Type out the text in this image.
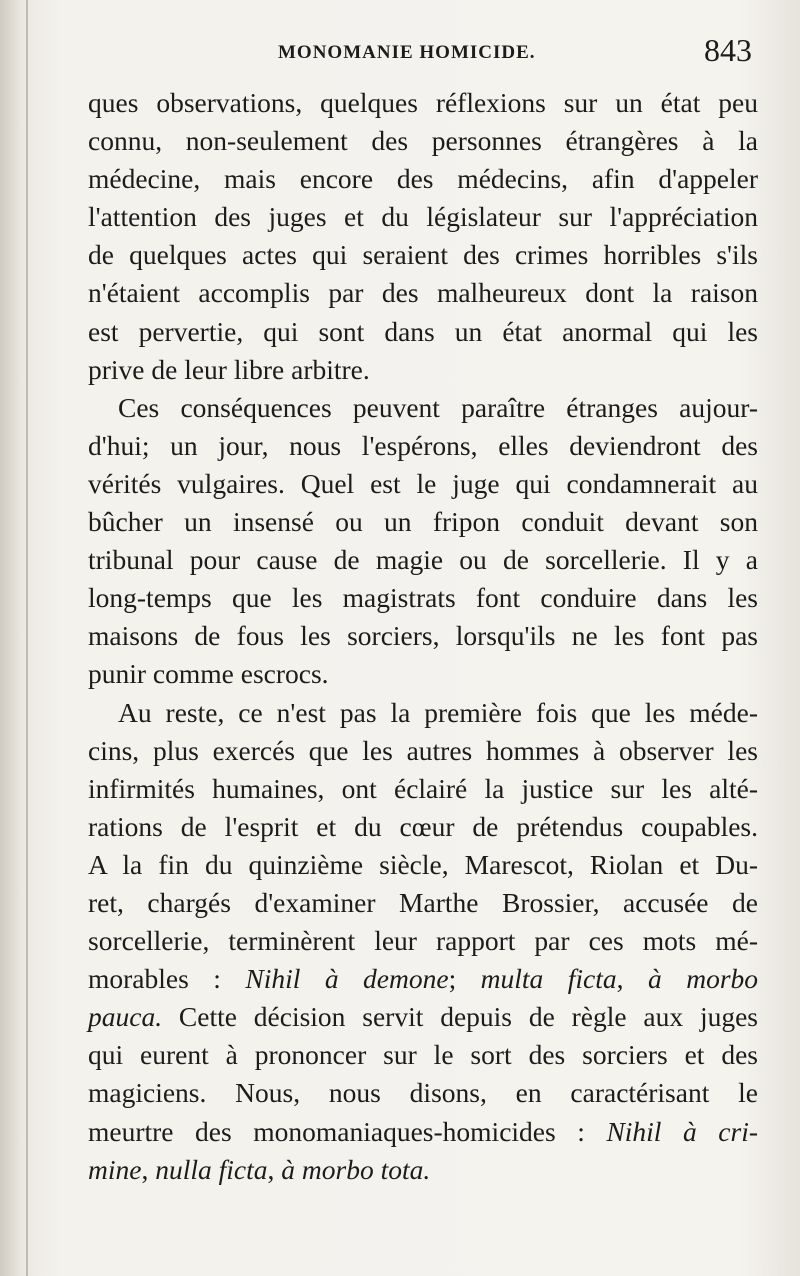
MONOMANIE HOMICIDE.	843

ques observations, quelques réflexions sur un état peu
connu, non-seulement des personnes étrangères à la
médecine, mais encore des médecins, afin d'appeler
l'attention des juges et du législateur sur l'appréciation
de quelques actes qui seraient des crimes horribles s'ils
n'étaient accomplis par des malheureux dont la raison
est pervertie, qui sont dans un état anormal qui les
prive de leur libre arbitre.

Ces conséquences peuvent paraître étranges aujour-
d'hui; un jour, nous l'espérons, elles deviendront des
vérités vulgaires. Quel est le juge qui condamnerait au
bûcher un insensé ou un fripon conduit devant son
tribunal pour cause de magie ou de sorcellerie. Il y a
long-temps que les magistrats font conduire dans les
maisons de fous les sorciers, lorsqu'ils ne les font pas
punir comme escrocs.

Au reste, ce n'est pas la première fois que les méde-
cins, plus exercés que les autres hommes à observer les
infirmités humaines, ont éclairé la justice sur les alté-
rations de l'esprit et du cœur de prétendus coupables.
A la fin du quinzième siècle, Marescot, Riolan et Du-
ret, chargés d'examiner Marthe Brossier, accusée de
sorcellerie, terminèrent leur rapport par ces mots mé-
morables : Nihil à demone; multa ficta, à morbo
pauca. Cette décision servit depuis de règle aux juges
qui eurent à prononcer sur le sort des sorciers et des
magiciens. Nous, nous disons, en caractérisant le
meurtre des monomaniaques-homicides : Nihil à cri-
mine, nulla ficta, à morbo tota.
